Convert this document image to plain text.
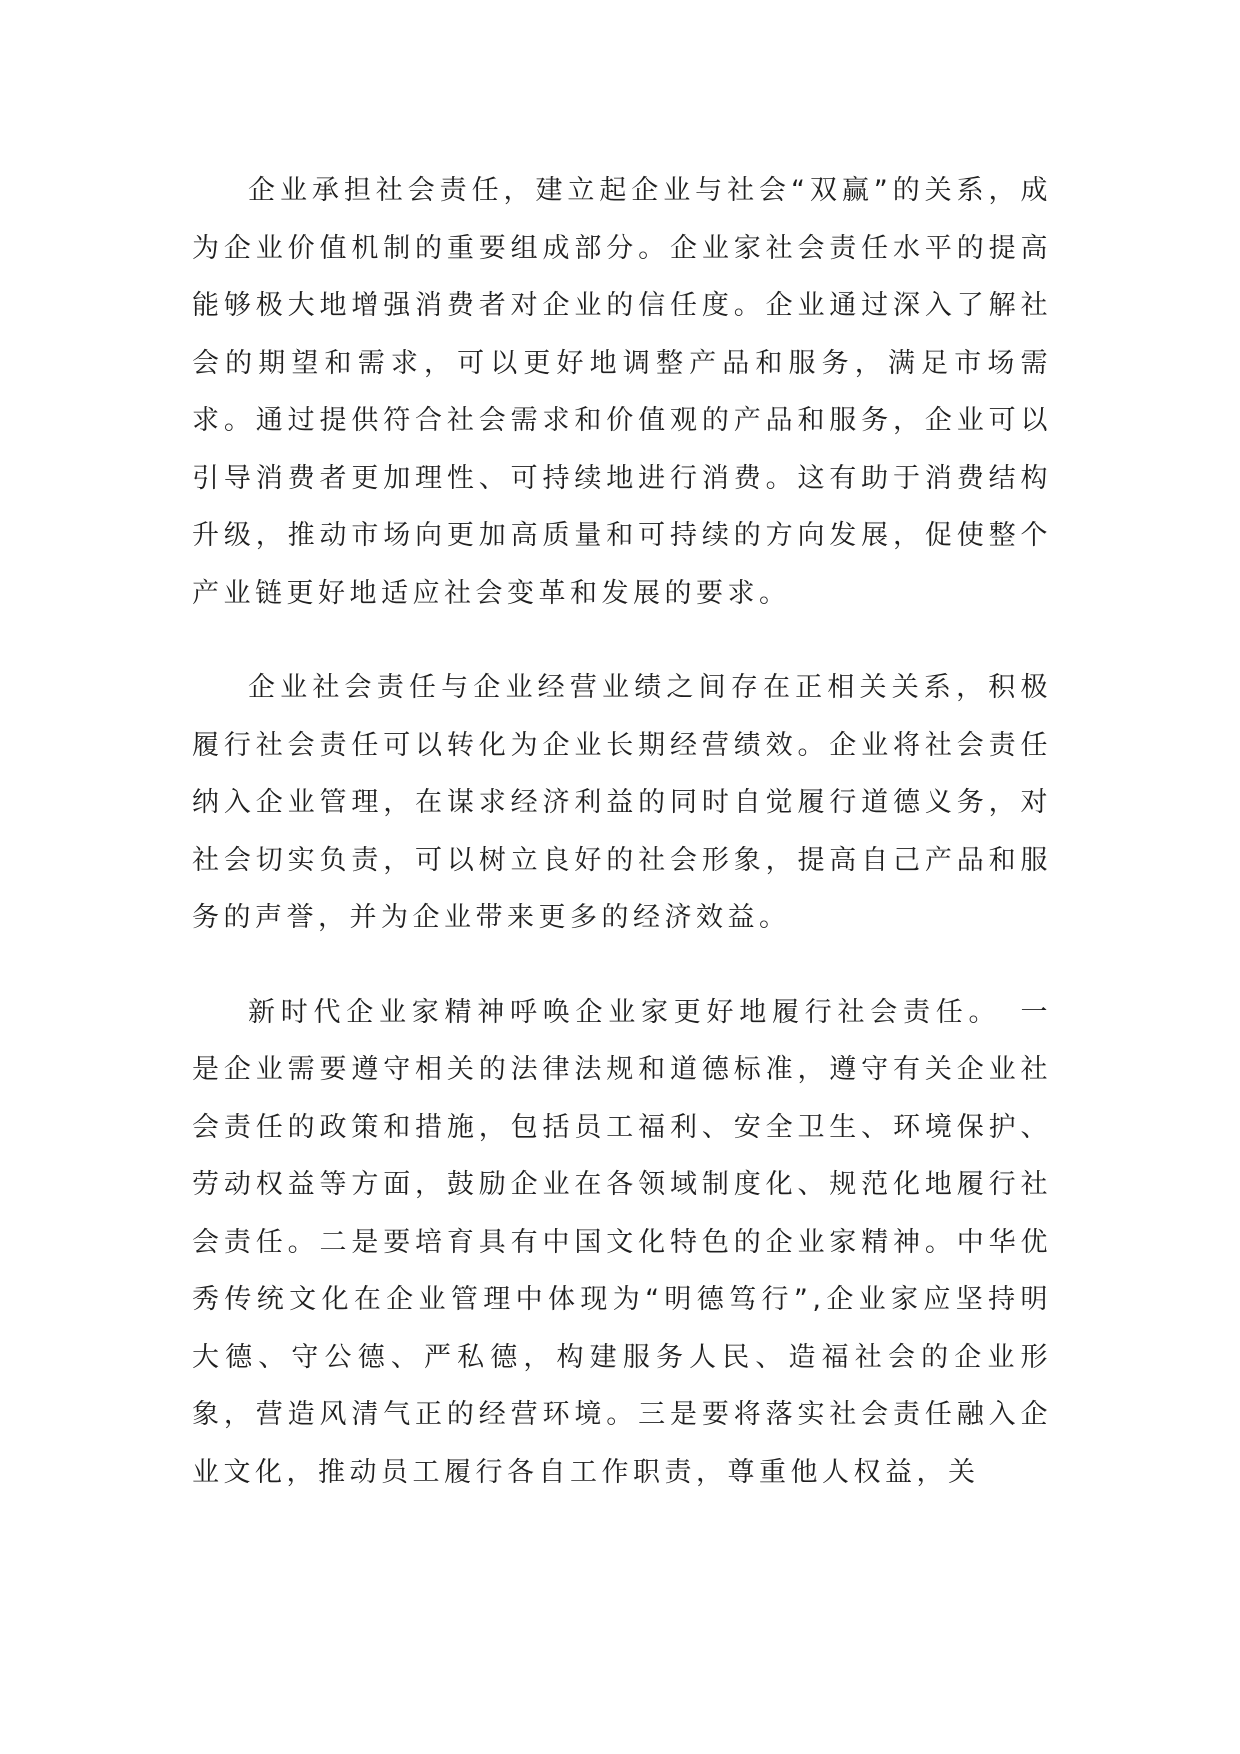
企业承担社会责任，建立起企业与社会“双赢”的关系，成为企业价值机制的重要组成部分。企业家社会责任水平的提高能够极大地增强消费者对企业的信任度。企业通过深入了解社会的期望和需求，可以更好地调整产品和服务，满足市场需求。通过提供符合社会需求和价值观的产品和服务，企业可以引导消费者更加理性、可持续地进行消费。这有助于消费结构升级，推动市场向更加高质量和可持续的方向发展，促使整个产业链更好地适应社会变革和发展的要求。

企业社会责任与企业经营业绩之间存在正相关关系，积极履行社会责任可以转化为企业长期经营绩效。企业将社会责任纳入企业管理，在谋求经济利益的同时自觉履行道德义务，对社会切实负责，可以树立良好的社会形象，提高自己产品和服务的声誉，并为企业带来更多的经济效益。

新时代企业家精神呼唤企业家更好地履行社会责任。　一是企业需要遵守相关的法律法规和道德标准，遵守有关企业社会责任的政策和措施，包括员工福利、安全卫生、环境保护、劳动权益等方面，鼓励企业在各领域制度化、规范化地履行社会责任。二是要培育具有中国文化特色的企业家精神。中华优秀传统文化在企业管理中体现为“明德笃行”,企业家应坚持明大德、守公德、严私德，构建服务人民、造福社会的企业形象，营造风清气正的经营环境。三是要将落实社会责任融入企业文化，推动员工履行各自工作职责，尊重他人权益，关
